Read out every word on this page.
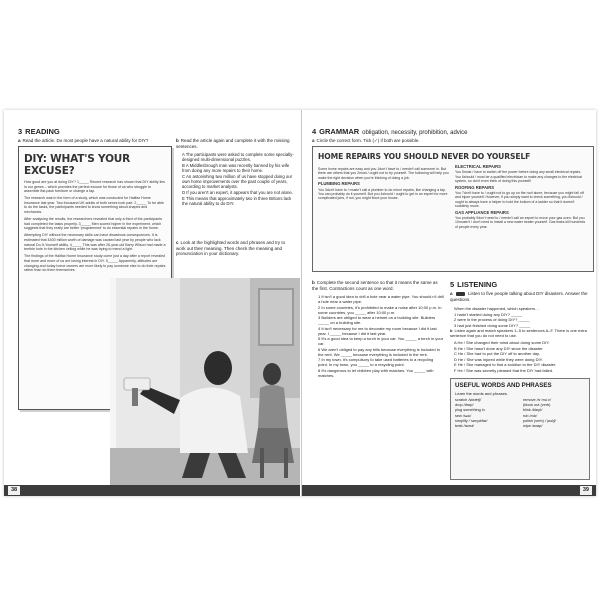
3 READING
a Read the article. Do most people have a natural ability for DIY?
DIY: WHAT'S YOUR EXCUSE?

How good are you at doing DIY? 1_____ Recent research has shown that DIY ability lies in our genes – which provides the perfect excuse for those of us who struggle to assemble flat-pack furniture or change a tap.

The research was in the form of a study, which was conducted for Halifax Home Insurance last year. Two thousand UK adults of both sexes took part. 2_____ To be able to do the tasks, the participants needed to know something about shapes and mechanics.

After analysing the results, the researchers revealed that only a third of the participants had completed the tasks properly. 3_____ Men scored higher in the experiment, which suggests that they really are better 'programmed' to do essential repairs in the home.

Attempting DIY without the necessary skills can have disastrous consequences. It is estimated that £400 million worth of damage was caused last year by people who lack natural Do-It-Yourself ability. 4_____ This was after 26-year-old Barry Wilson had made a terrible hole in the kitchen ceiling while he was trying to mend a light.

The findings of the Halifax Home Insurance study come just a day after a report revealed that more and more of us are losing interest in DIY. 5_____ Apparently, attitudes are changing and today home owners are more likely to pay someone else to do their repairs rather than do them themselves.

b Read the article again and complete it with the missing sentences.
A The participants were asked to complete some specially-designed multi-dimensional puzzles.
B A Middlesbrough man was recently banned by his wife from doing any more repairs to their home.
C An astonishing two million of us have stopped doing our own home improvements over the past couple of years, according to market analysts.
D If you aren't an expert, it appears that you are not alone.
E This means that approximately two in three Britons lack the natural ability to do DIY.
c Look at the highlighted words and phrases and try to work out their meaning. Then check the meaning and pronunciation in your dictionary.
38
4 GRAMMAR obligation, necessity, prohibition, advice
a Circle the correct form. Tick (✓) if both are possible.
HOME REPAIRS YOU SHOULD NEVER DO YOURSELF

Some home repairs are easy and you 1don't have to / needn't call someone in. But there are others that you 2must / ought not to try yourself. The following will help you make the right decision when you're thinking of doing a job.

PLUMBING REPAIRS

You 3don't have to / mustn't call a plumber to do minor repairs, like changing a tap. You can probably do it yourself. But you 4should / ought to get in an expert for more complicated jobs, if not, you might flood your house.

ELECTRICAL REPAIRS

You 5must / have to switch off the power before doing any small electrical repairs. You 6should / must be a qualified electrician to make any changes to the electrical system, so don't even think of doing this yourself!

ROOFING REPAIRS

You 7don't have to / ought not to go up on the roof alone, because you might fall off and injure yourself. However, if you simply want to check something, you 8should / ought to always have a helper to hold the bottom of a ladder so that it doesn't suddenly move.

GAS APPLIANCE REPAIRS

You probably 9don't need to / needn't call an expert to move your gas oven. But you 10mustn't / don't need to install a new water heater yourself. Gas leaks kill hundreds of people every year.

b Complete the second sentence so that it means the same as the first. Contractions count as one word.
1 It isn't a good idea to drill a hole near a water pipe. You should n't drill a hole near a water pipe.
2 In some countries, it's prohibited to make a noise after 10:00 p.m. In some countries, you _____ after 10:00 p.m.
3 Builders are obliged to wear a helmet on a building site. Builders _____ on a building site.
4 It isn't necessary for me to decorate my room because I did it last year. I _____ because I did it last year.
5 It's a good idea to keep a torch in your car. You _____ a torch in your car.
6 We aren't obliged to pay any bills because everything is included in the rent. We _____ because everything is included in the rent.
7 In my town, it's compulsory to take used batteries to a recycling point. In my town, you _____ to a recycling point.
8 It's dangerous to let children play with matches. You _____ with matches.
5 LISTENING
a	Listen to five people talking about DIY disasters. Answer the questions.
When the disaster happened, which speakers…
1 hadn't started doing any DIY? _____
2 were in the process of doing DIY? _____
3 had just finished doing some DIY? _____
b Listen again and match speakers 1–5 to sentences A–F. There is one extra sentence that you do not need to use.
A He / She changed their mind about doing some DIY.
B He / She hasn't done any DIY since the disaster.
C He / She had to put the DIY off to another day.
D He / She was injured while they were doing DIY.
E He / She managed to find a solution to the DIY disaster.
F He / She was secretly pleased that the DIY had failed.
USEFUL WORDS AND PHRASES
Learn the words and phrases.
scratch /skrætʃ/	remove /rɪˈmuːv/
drop /drɒp/	(block out (verb)
plug something in	blink /blɪŋk/
sew /səʊ/	rub /rʌb/
simplify /ˈsɪmplɪfaɪ/	polish (verb) /ˈpɒlɪʃ/
twist /twɪst/	wipe /waɪp/
39
